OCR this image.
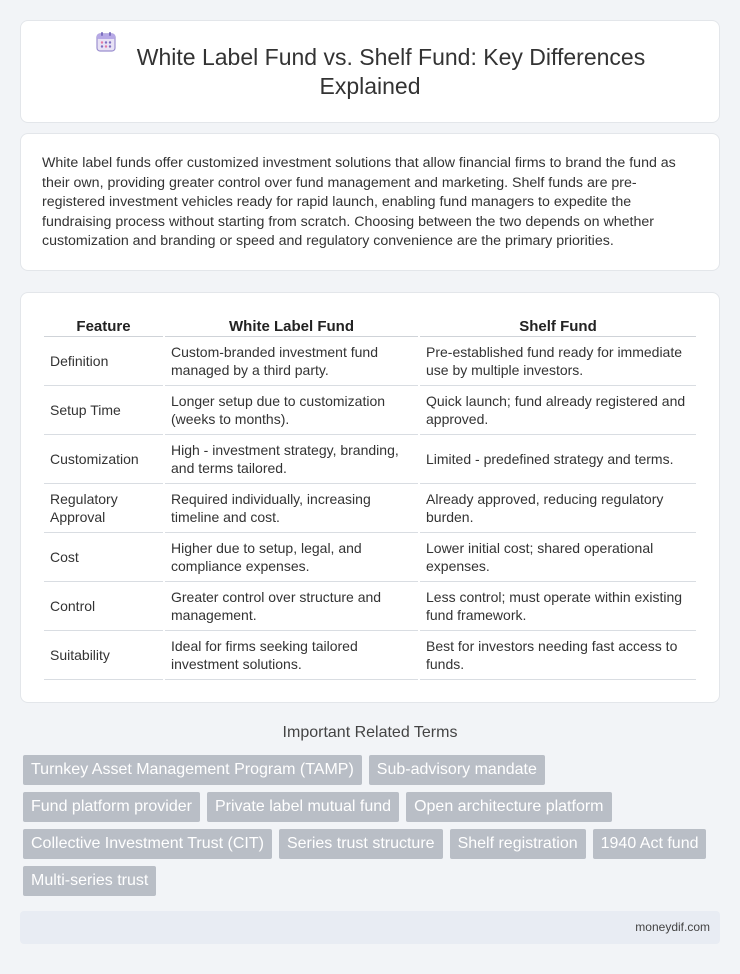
White Label Fund vs. Shelf Fund: Key Differences Explained

White label funds offer customized investment solutions that allow financial firms to brand the fund as their own, providing greater control over fund management and marketing. Shelf funds are pre-registered investment vehicles ready for rapid launch, enabling fund managers to expedite the fundraising process without starting from scratch. Choosing between the two depends on whether customization and branding or speed and regulatory convenience are the primary priorities.

Feature	White Label Fund	Shelf Fund
Definition	Custom-branded investment fund managed by a third party.	Pre-established fund ready for immediate use by multiple investors.
Setup Time	Longer setup due to customization (weeks to months).	Quick launch; fund already registered and approved.
Customization	High - investment strategy, branding, and terms tailored.	Limited - predefined strategy and terms.
Regulatory Approval	Required individually, increasing timeline and cost.	Already approved, reducing regulatory burden.
Cost	Higher due to setup, legal, and compliance expenses.	Lower initial cost; shared operational expenses.
Control	Greater control over structure and management.	Less control; must operate within existing fund framework.
Suitability	Ideal for firms seeking tailored investment solutions.	Best for investors needing fast access to funds.
Important Related Terms
Turnkey Asset Management Program (TAMP)	Sub-advisory mandate
Fund platform provider	Private label mutual fund	Open architecture platform
Collective Investment Trust (CIT)	Series trust structure	Shelf registration	1940 Act fund
Multi-series trust
moneydif.com
